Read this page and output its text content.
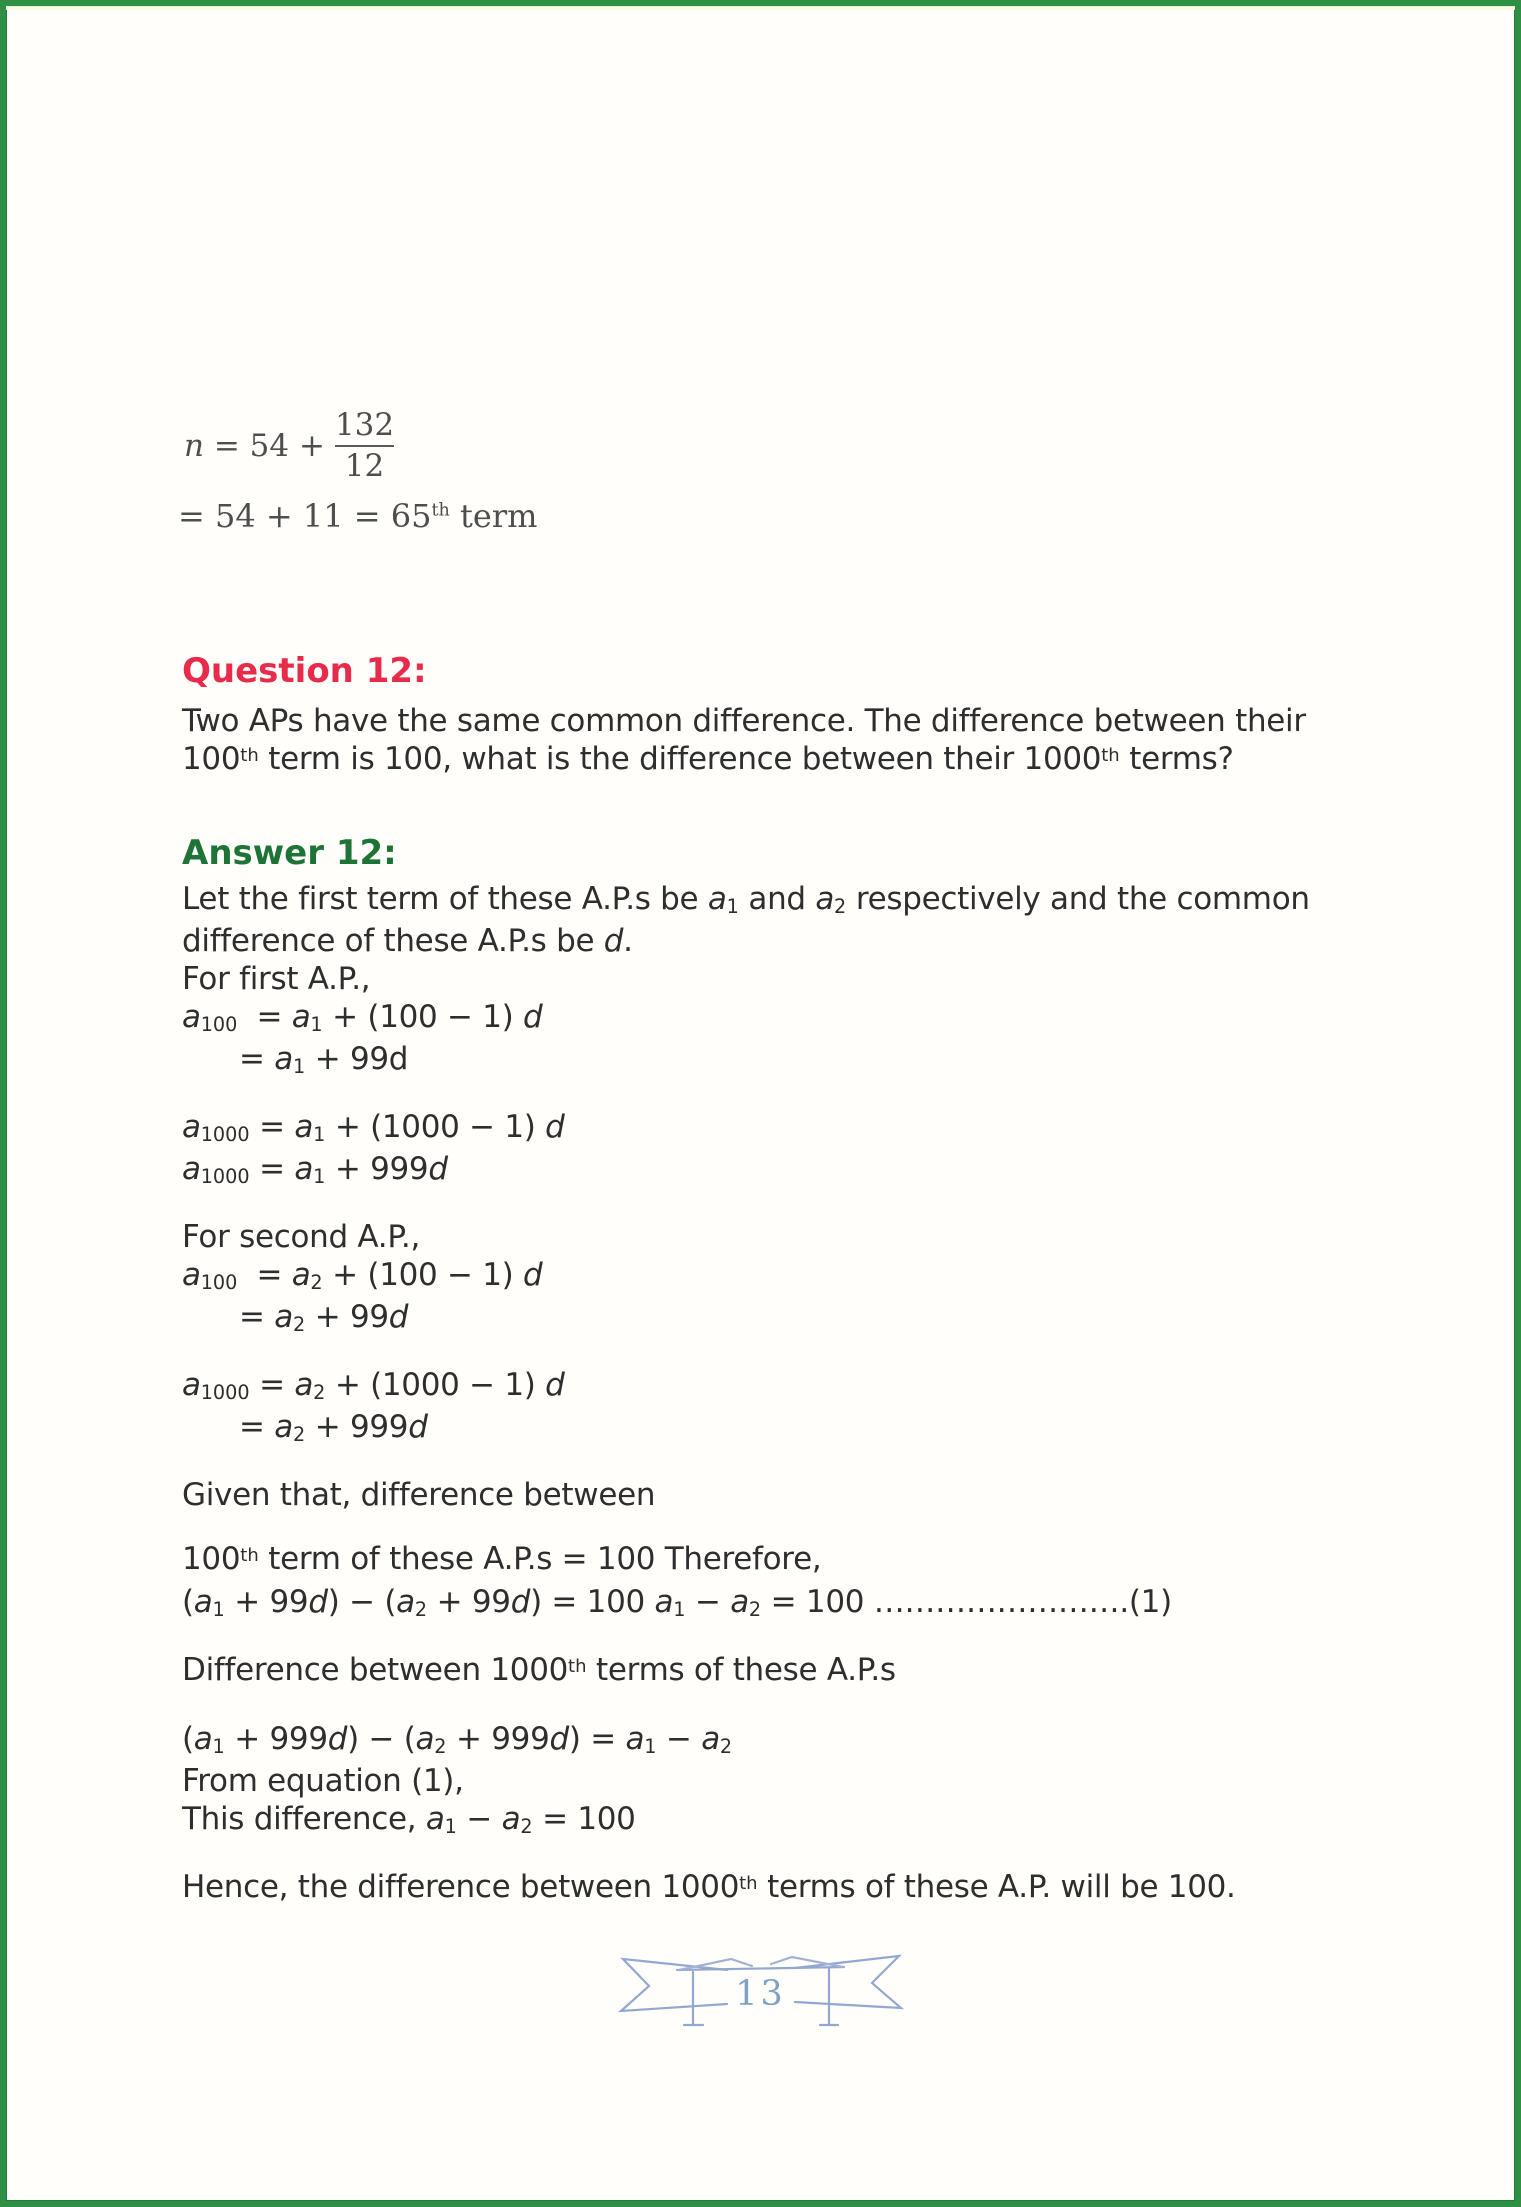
$n = 54 + \frac{132}{12}$
= 54 + 11 = 65th term
Question 12:
Two APs have the same common difference. The difference between their
100th term is 100, what is the difference between their 1000th terms?
Answer 12:
Let the first term of these A.P.s be $a_1$ and $a_2$ respectively and the common
difference of these A.P.s be d.
For first A.P.,
$a_{100} = a_1 + (100 - 1)$ d
= $a_1 + 99d$
$a_{1000} = a_1 + (1000 - 1)$ d
$a_{1000} = a_1 + 999d$
For second A.P.,
$a_{100} = a_2 + (100 - 1)$ d
= $a_2 + 99d$
$a_{1000} = a_2 + (1000 - 1)$ d
= $a_2 + 999d$
Given that, difference between
100th term of these A.P.s = 100 Therefore,
$(a_1 + 99d) - (a_2 + 99d) = 100$ $a_1 - a_2 = 100$ …………………….(1)
Difference between 1000th terms of these A.P.s
$(a_1 + 999d) - (a_2 + 999d) = a_1 - a_2$
From equation (1),
This difference, $a_1 - a_2 = 100$
Hence, the difference between 1000th terms of these A.P. will be 100.
13
